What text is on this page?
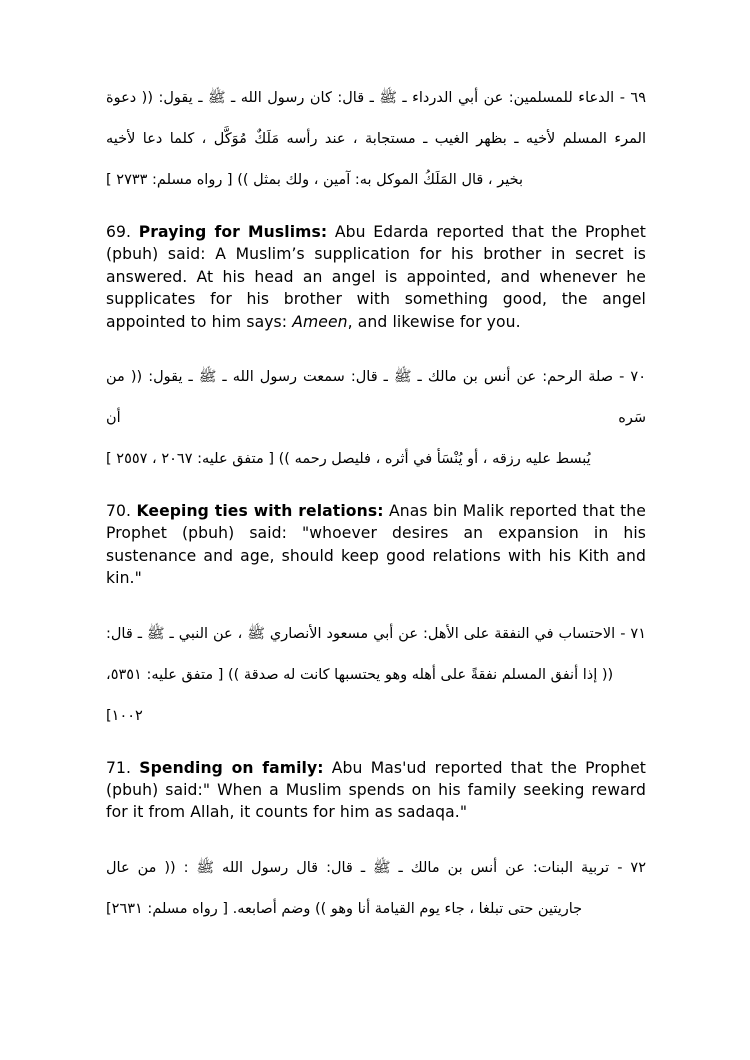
٦٩ - الدعاء للمسلمين: عن أبي الدرداء ـ ﷺ ـ قال: كان رسول الله ـ ﷺ ـ يقول: (( دعوة
المرء المسلم لأخيه ـ بظهر الغيب ـ مستجابة ، عند رأسه مَلَكٌ مُوَكَّل ، كلما دعا لأخيه
بخير ، قال المَلَكُ الموكل به: آمين ، ولك بمثل )) [ رواه مسلم: ٢٧٣٣ ]

69. Praying for Muslims: Abu Edarda reported that the Prophet (pbuh) said: A Muslim’s supplication for his brother in secret is answered. At his head an angel is appointed, and whenever he supplicates for his brother with something good, the angel appointed to him says: Ameen, and likewise for you.

٧٠ - صلة الرحم: عن أنس بن مالك ـ ﷺ ـ قال: سمعت رسول الله ـ ﷺ ـ يقول: (( من سَره أن
يُبسط عليه رزقه ، أو يُنْسَأ في أثره ، فليصل رحمه )) [ متفق عليه: ٢٠٦٧ ، ٢٥٥٧ ]

70. Keeping ties with relations: Anas bin Malik reported that the Prophet (pbuh) said: "whoever desires an expansion in his sustenance and age, should keep good relations with his Kith and kin."

٧١ - الاحتساب في النفقة على الأهل: عن أبي مسعود الأنصاري ﷺ ، عن النبي ـ ﷺ ـ قال:
(( إذا أنفق المسلم نفقةً على أهله وهو يحتسبها كانت له صدقة )) [ متفق عليه: ٥٣٥١، ١٠٠٢]

71. Spending on family: Abu Mas'ud reported that the Prophet (pbuh) said:" When a Muslim spends on his family seeking reward for it from Allah, it counts for him as sadaqa."

٧٢ - تربية البنات: عن أنس بن مالك ـ ﷺ ـ قال: قال رسول الله ﷺ : (( من عال
جاريتين حتى تبلغا ، جاء يوم القيامة أنا وهو )) وضم أصابعه. [ رواه مسلم: ٢٦٣١]
